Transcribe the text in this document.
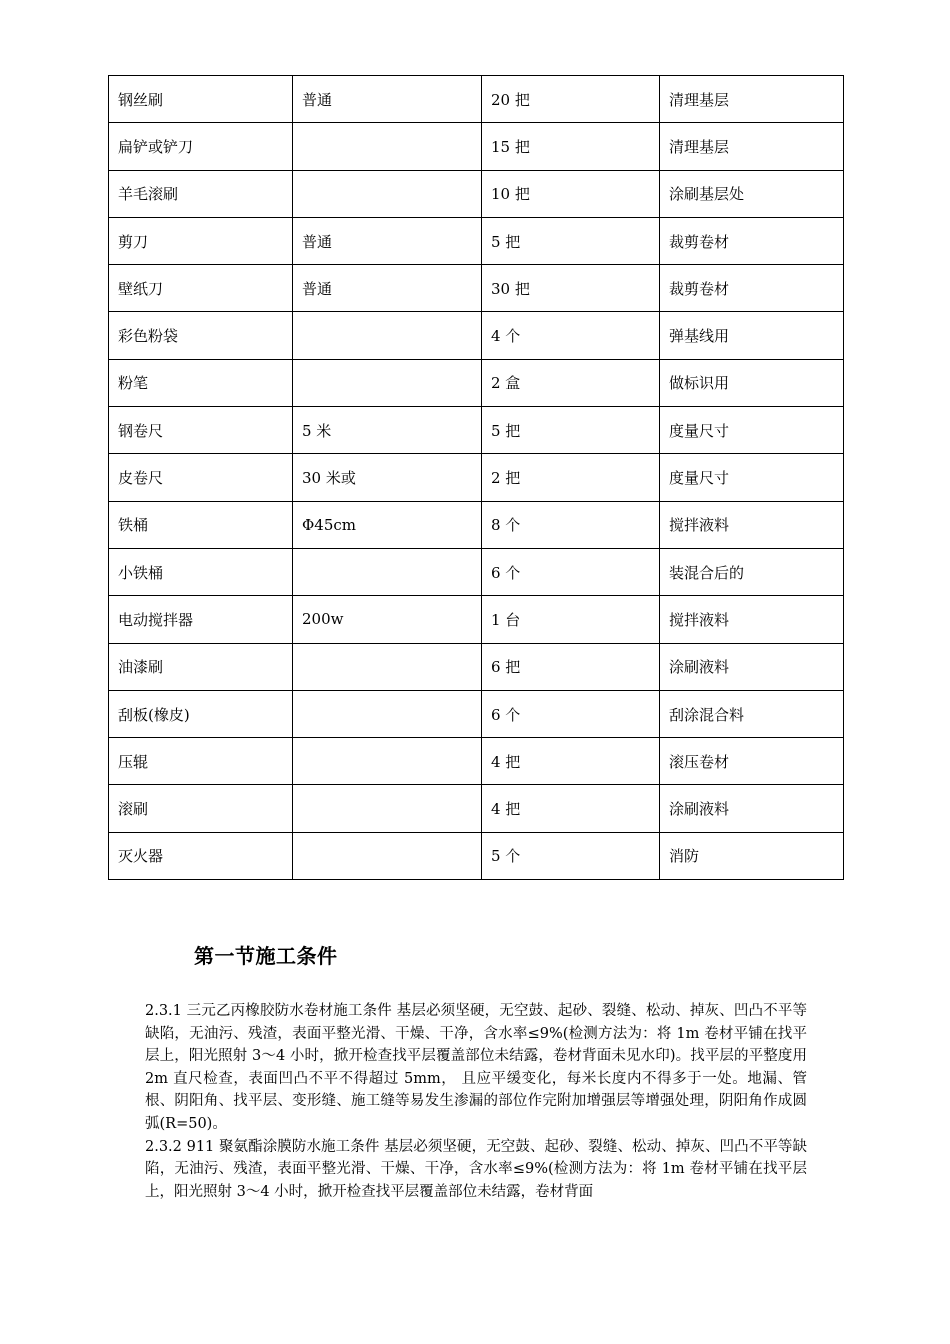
钢丝刷	普通	20 把	清理基层
扁铲或铲刀		15 把	清理基层
羊毛滚刷		10 把	涂刷基层处
剪刀	普通	5 把	裁剪卷材
壁纸刀	普通	30 把	裁剪卷材
彩色粉袋		4 个	弹基线用
粉笔		2 盒	做标识用
钢卷尺	5 米	5 把	度量尺寸
皮卷尺	30 米或	2 把	度量尺寸
铁桶	Φ45cm	8 个	搅拌液料
小铁桶		6 个	装混合后的
电动搅拌器	200w	1 台	搅拌液料
油漆刷		6 把	涂刷液料
刮板(橡皮)		6 个	刮涂混合料
压辊		4 把	滚压卷材
滚刷		4 把	涂刷液料
灭火器		5 个	消防
第一节施工条件

2.3.1 三元乙丙橡胶防水卷材施工条件 基层必须坚硬，无空鼓、起砂、裂缝、松动、掉灰、凹凸不平等缺陷，无油污、残渣，表面平整光滑、干燥、干净，含水率≤9%(检测方法为：将 1m 卷材平铺在找平层上，阳光照射 3～4 小时，掀开检查找平层覆盖部位未结露，卷材背面未见水印)。找平层的平整度用 2m 直尺检查，表面凹凸不平不得超过 5mm， 且应平缓变化，每米长度内不得多于一处。地漏、管根、阴阳角、找平层、变形缝、施工缝等易发生渗漏的部位作完附加增强层等增强处理，阴阳角作成圆弧(R=50)。

2.3.2 911 聚氨酯涂膜防水施工条件 基层必须坚硬，无空鼓、起砂、裂缝、松动、掉灰、凹凸不平等缺陷，无油污、残渣，表面平整光滑、干燥、干净，含水率≤9%(检测方法为：将 1m 卷材平铺在找平层上，阳光照射 3～4 小时，掀开检查找平层覆盖部位未结露，卷材背面
